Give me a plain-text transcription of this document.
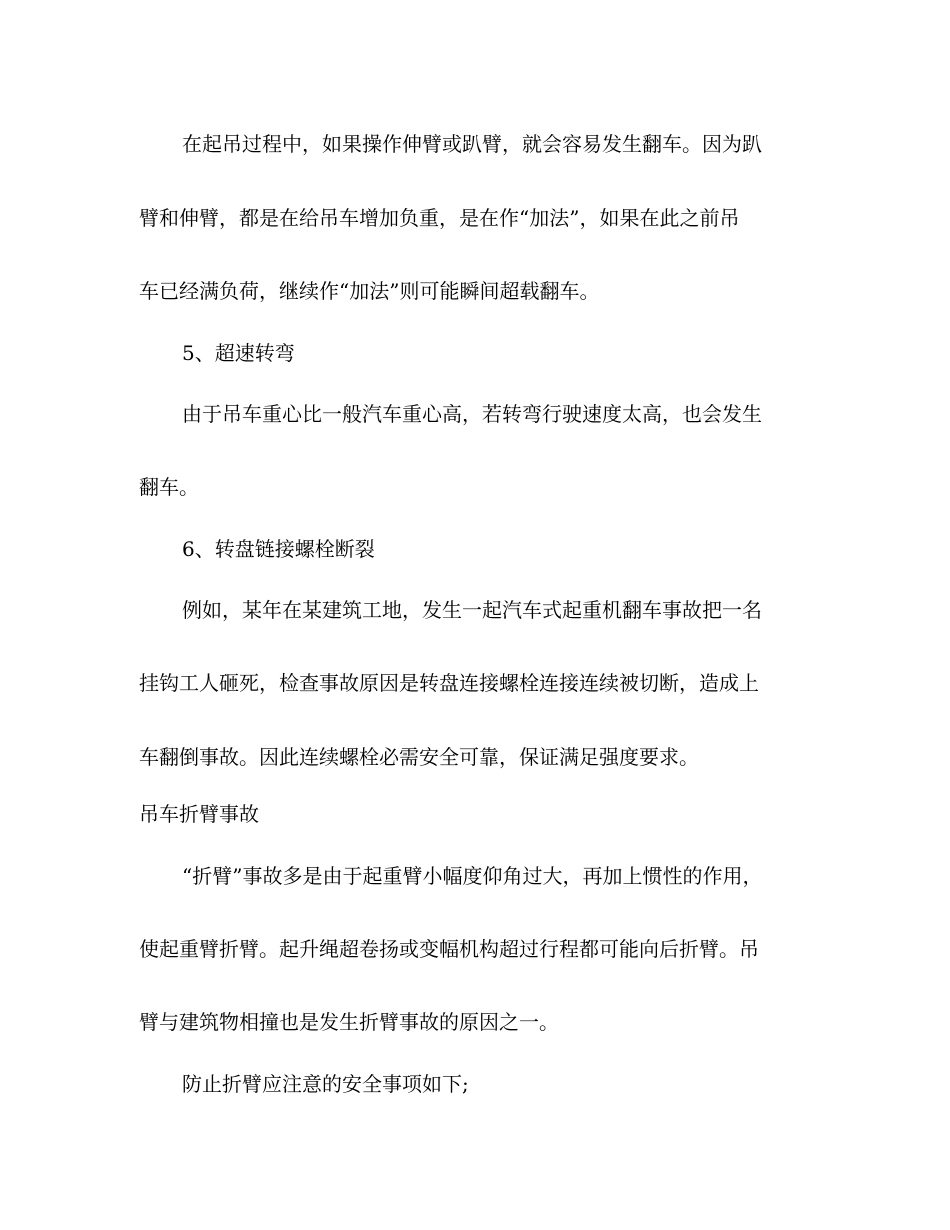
在起吊过程中，如果操作伸臂或趴臂，就会容易发生翻车。因为趴

臂和伸臂，都是在给吊车增加负重，是在作“加法”，如果在此之前吊

车已经满负荷，继续作“加法”则可能瞬间超载翻车。

5、超速转弯

由于吊车重心比一般汽车重心高，若转弯行驶速度太高，也会发生

翻车。

6、转盘链接螺栓断裂

例如，某年在某建筑工地，发生一起汽车式起重机翻车事故把一名

挂钩工人砸死，检查事故原因是转盘连接螺栓连接连续被切断，造成上

车翻倒事故。因此连续螺栓必需安全可靠，保证满足强度要求。

吊车折臂事故

“折臂”事故多是由于起重臂小幅度仰角过大，再加上惯性的作用，

使起重臂折臂。起升绳超卷扬或变幅机构超过行程都可能向后折臂。吊

臂与建筑物相撞也是发生折臂事故的原因之一。

防止折臂应注意的安全事项如下;
